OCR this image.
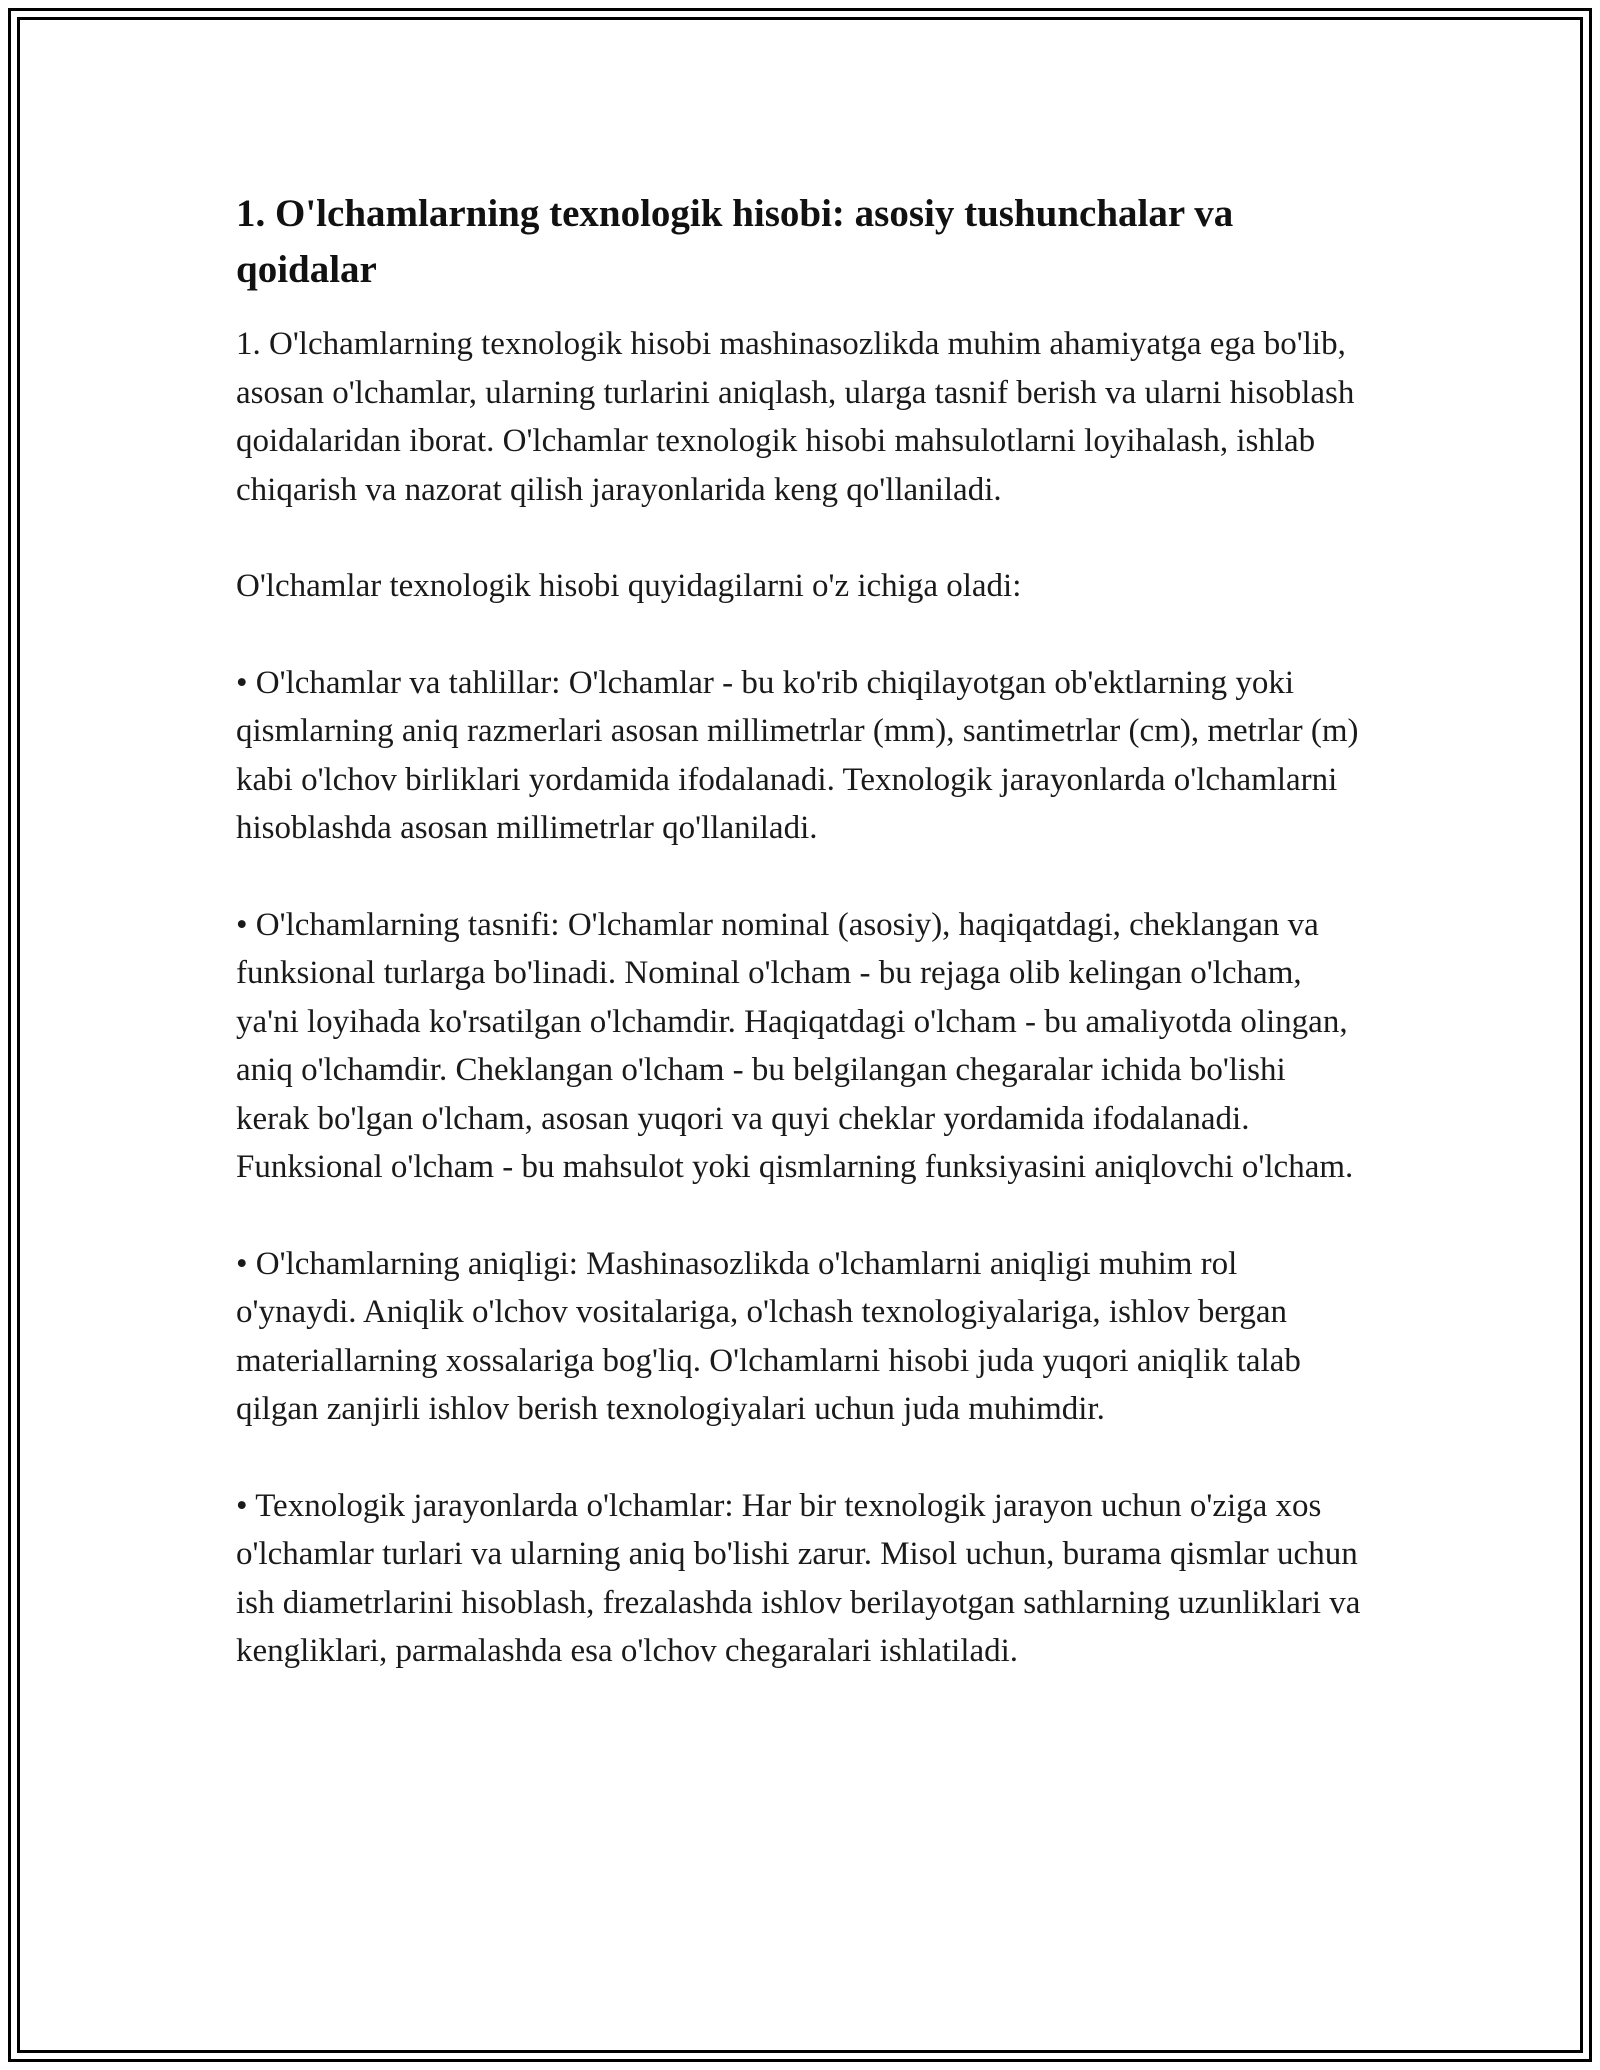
1. O'lchamlarning texnologik hisobi: asosiy tushunchalar va qoidalar

1. O'lchamlarning texnologik hisobi mashinasozlikda muhim ahamiyatga ega bo'lib, asosan o'lchamlar, ularning turlarini aniqlash, ularga tasnif berish va ularni hisoblash qoidalaridan iborat. O'lchamlar texnologik hisobi mahsulotlarni loyihalash, ishlab chiqarish va nazorat qilish jarayonlarida keng qo'llaniladi.

O'lchamlar texnologik hisobi quyidagilarni o'z ichiga oladi:

• O'lchamlar va tahlillar: O'lchamlar - bu ko'rib chiqilayotgan ob'ektlarning yoki qismlarning aniq razmerlari asosan millimetrlar (mm), santimetrlar (cm), metrlar (m) kabi o'lchov birliklari yordamida ifodalanadi. Texnologik jarayonlarda o'lchamlarni hisoblashda asosan millimetrlar qo'llaniladi.

• O'lchamlarning tasnifi: O'lchamlar nominal (asosiy), haqiqatdagi, cheklangan va funksional turlarga bo'linadi. Nominal o'lcham - bu rejaga olib kelingan o'lcham, ya'ni loyihada ko'rsatilgan o'lchamdir. Haqiqatdagi o'lcham - bu amaliyotda olingan, aniq o'lchamdir. Cheklangan o'lcham - bu belgilangan chegaralar ichida bo'lishi kerak bo'lgan o'lcham, asosan yuqori va quyi cheklar yordamida ifodalanadi. Funksional o'lcham - bu mahsulot yoki qismlarning funksiyasini aniqlovchi o'lcham.

• O'lchamlarning aniqligi: Mashinasozlikda o'lchamlarni aniqligi muhim rol o'ynaydi. Aniqlik o'lchov vositalariga, o'lchash texnologiyalariga, ishlov bergan materiallarning xossalariga bog'liq. O'lchamlarni hisobi juda yuqori aniqlik talab qilgan zanjirli ishlov berish texnologiyalari uchun juda muhimdir.

• Texnologik jarayonlarda o'lchamlar: Har bir texnologik jarayon uchun o'ziga xos o'lchamlar turlari va ularning aniq bo'lishi zarur. Misol uchun, burama qismlar uchun ish diametrlarini hisoblash, frezalashda ishlov berilayotgan sathlarning uzunliklari va kengliklari, parmalashda esa o'lchov chegaralari ishlatiladi.
